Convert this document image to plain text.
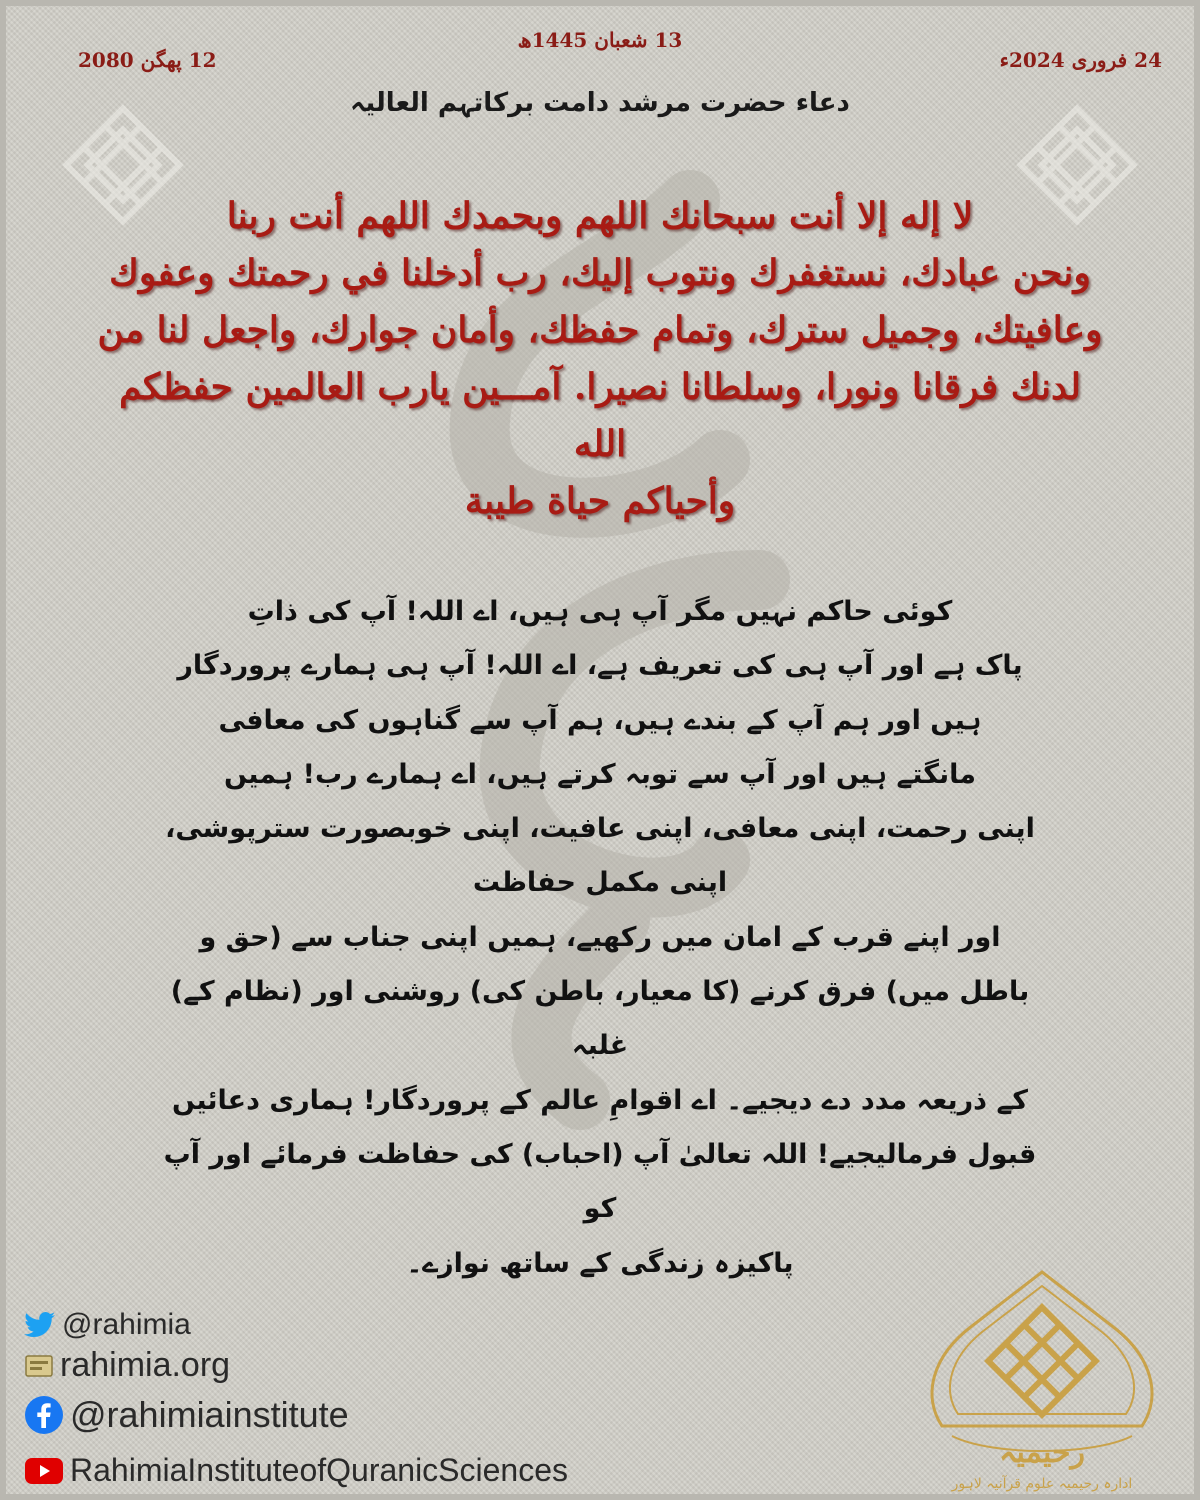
13 شعبان 1445ھ
24 فروری 2024ء
12 پھگن 2080
دعاء حضرت مرشد دامت برکاتہم العالیہ
لا إله إلا أنت سبحانك اللهم وبحمدك اللهم أنت ربنا
ونحن عبادك، نستغفرك ونتوب إليك، رب أدخلنا في رحمتك وعفوك
وعافيتك، وجميل سترك، وتمام حفظك، وأمان جوارك، واجعل لنا من
لدنك فرقانا ونورا، وسلطانا نصيرا. آمـــين يارب العالمين حفظكم الله
وأحياكم حياة طيبة
کوئی حاکم نہیں مگر آپ ہی ہیں، اے اللہ! آپ کی ذاتِ
پاک ہے اور آپ ہی کی تعریف ہے، اے اللہ! آپ ہی ہمارے پروردگار
ہیں اور ہم آپ کے بندے ہیں، ہم آپ سے گناہوں کی معافی
مانگتے ہیں اور آپ سے توبہ کرتے ہیں، اے ہمارے رب! ہمیں
اپنی رحمت، اپنی معافی، اپنی عافیت، اپنی خوبصورت سترپوشی، اپنی مکمل حفاظت
اور اپنے قرب کے امان میں رکھیے، ہمیں اپنی جناب سے (حق و
باطل میں) فرق کرنے (کا معیار، باطن کی) روشنی اور (نظام کے) غلبہ
کے ذریعہ مدد دے دیجیے۔ اے اقوامِ عالم کے پروردگار! ہماری دعائیں
قبول فرمالیجیے! اللہ تعالیٰ آپ (احباب) کی حفاظت فرمائے اور آپ کو
پاکیزہ زندگی کے ساتھ نوازے۔
@rahimia
rahimia.org
@rahimiainstitute
RahimiaInstituteofQuranicSciences	رحیمیہ
ادارہ رحیمیہ علوم قرآنیہ لاہور
